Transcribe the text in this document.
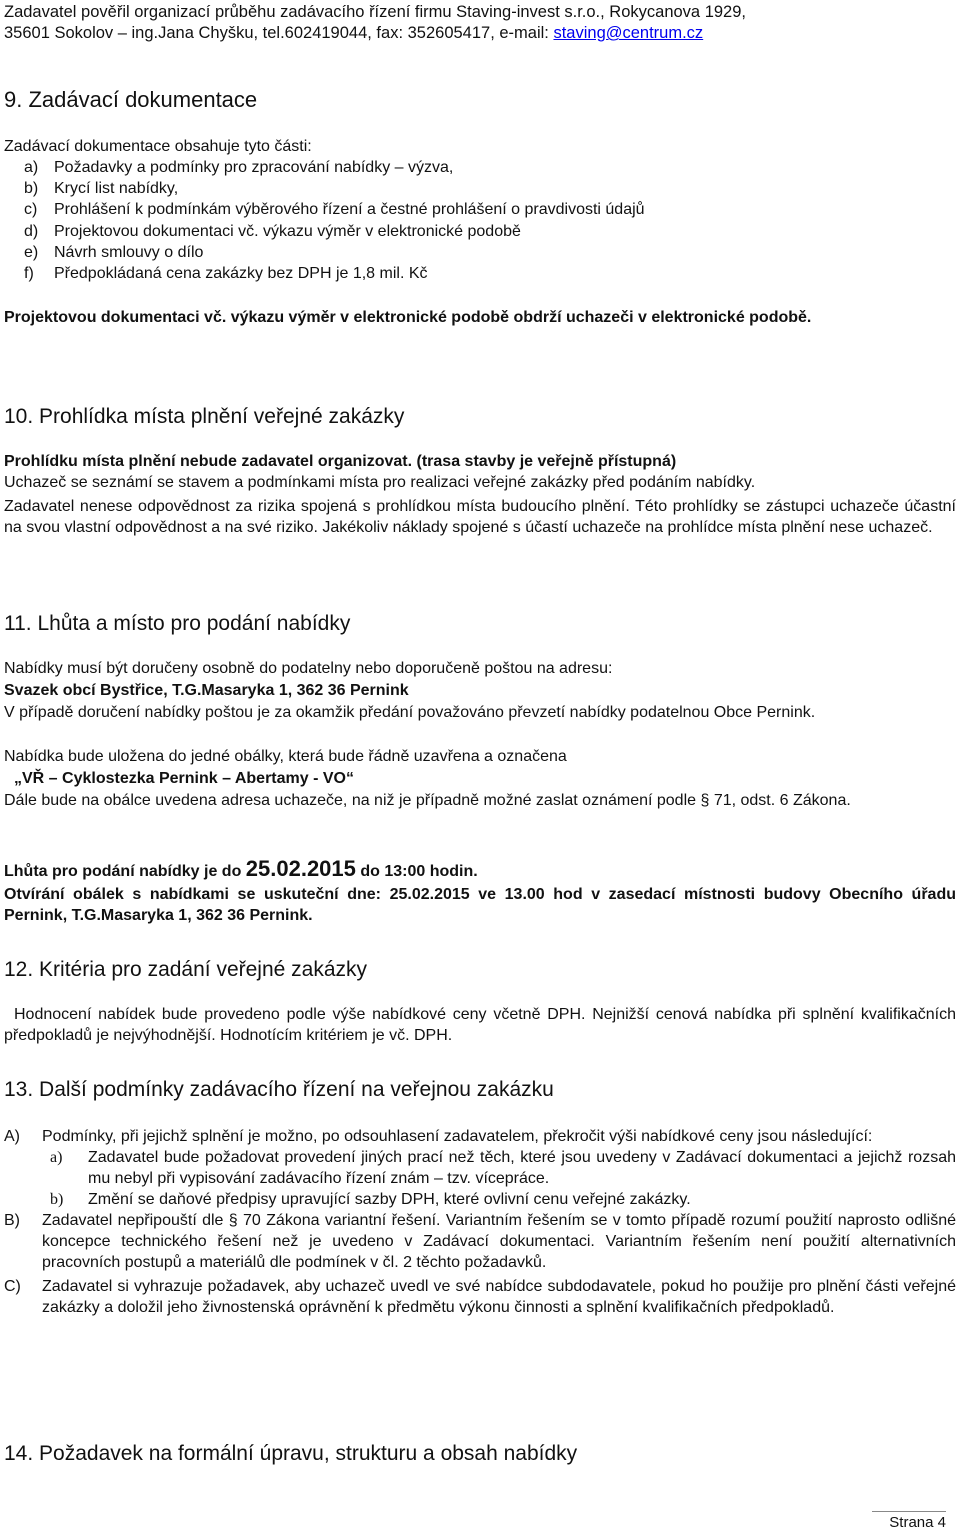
Zadavatel pověřil organizací průběhu zadávacího řízení firmu Staving-invest s.r.o., Rokycanova 1929,
35601 Sokolov – ing.Jana Chyšku, tel.602419044, fax: 352605417, e-mail: staving@centrum.cz
9. Zadávací dokumentace
Zadávací dokumentace obsahuje tyto části:
a) Požadavky a podmínky pro zpracování nabídky – výzva,
b) Krycí list nabídky,
c)	Prohlášení k podmínkám výběrového řízení a čestné prohlášení o pravdivosti údajů
d) Projektovou dokumentaci vč. výkazu výměr v elektronické podobě
e) Návrh smlouvy o dílo
f)	Předpokládaná cena zakázky bez DPH je 1,8 mil. Kč
Projektovou dokumentaci vč. výkazu výměr v elektronické podobě obdrží uchazeči v elektronické podobě.
10. Prohlídka místa plnění veřejné zakázky
Prohlídku místa plnění nebude zadavatel organizovat. (trasa stavby je veřejně přístupná)
Uchazeč se seznámí se stavem a podmínkami místa pro realizaci veřejné zakázky před podáním nabídky.
Zadavatel nenese odpovědnost za rizika spojená s prohlídkou místa budoucího plnění. Této prohlídky se zástupci uchazeče účastní na svou vlastní odpovědnost a na své riziko. Jakékoliv náklady spojené s účastí uchazeče na prohlídce místa plnění nese uchazeč.
11. Lhůta a místo pro podání nabídky
Nabídky musí být doručeny osobně do podatelny nebo doporučeně poštou na adresu:
Svazek obcí Bystřice, T.G.Masaryka 1, 362 36 Pernink
V případě doručení nabídky poštou je za okamžik předání považováno převzetí nabídky podatelnou Obce Pernink.
Nabídka bude uložena do jedné obálky, která bude řádně uzavřena a označena
„VŘ – Cyklostezka Pernink – Abertamy - VO“
Dále bude na obálce uvedena adresa uchazeče, na niž je případně možné zaslat oznámení podle § 71, odst. 6 Zákona.
Lhůta pro podání nabídky je do 25.02.2015 do 13:00 hodin.
Otvírání obálek s nabídkami se uskuteční dne: 25.02.2015 ve 13.00 hod v zasedací místnosti budovy Obecního úřadu Pernink, T.G.Masaryka 1, 362 36 Pernink.
12. Kritéria pro zadání veřejné zakázky
Hodnocení nabídek bude provedeno podle výše nabídkové ceny včetně DPH. Nejnižší cenová nabídka při splnění kvalifikačních předpokladů je nejvýhodnější. Hodnotícím kritériem je vč. DPH.
13. Další podmínky zadávacího řízení na veřejnou zakázku
A)	Podmínky, při jejichž splnění je možno, po odsouhlasení zadavatelem, překročit výši nabídkové ceny jsou následující:
a)	Zadavatel bude požadovat provedení jiných prací než těch, které jsou uvedeny v Zadávací dokumentaci a jejichž rozsah mu nebyl při vypisování zadávacího řízení znám – tzv. vícepráce.
b)	Změní se daňové předpisy upravující sazby DPH, které ovlivní cenu veřejné zakázky.
B)	Zadavatel nepřipouští dle § 70 Zákona variantní řešení. Variantním řešením se v tomto případě rozumí použití naprosto odlišné koncepce technického řešení než je uvedeno v Zadávací dokumentaci. Variantním řešením není použití alternativních pracovních postupů a materiálů dle podmínek v čl. 2 těchto požadavků.
C)	Zadavatel si vyhrazuje požadavek, aby uchazeč uvedl ve své nabídce subdodavatele, pokud ho použije pro plnění části veřejné zakázky a doložil jeho živnostenská oprávnění k předmětu výkonu činnosti a splnění kvalifikačních předpokladů.
14. Požadavek na formální úpravu, strukturu a obsah nabídky
Strana 4
